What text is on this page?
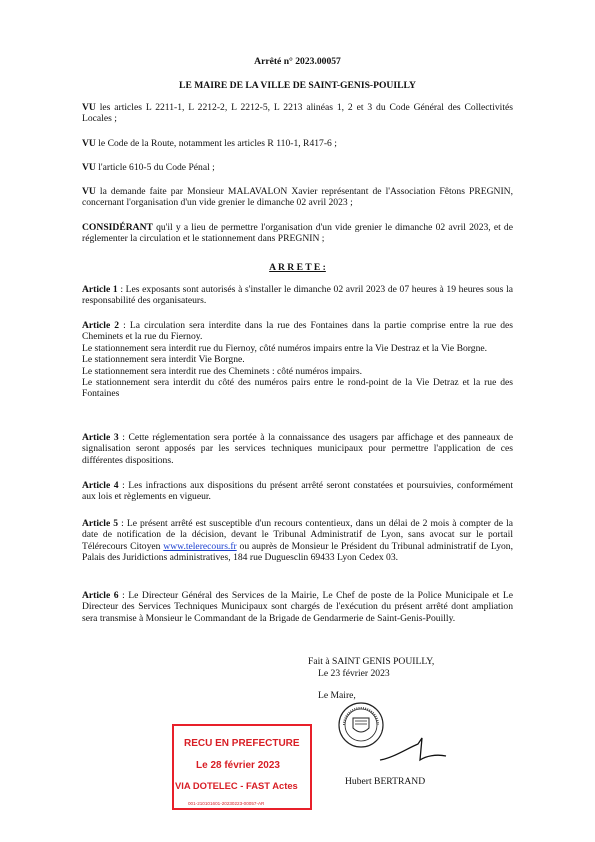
Arrêté n° 2023.00057
LE MAIRE DE LA VILLE DE SAINT-GENIS-POUILLY
VU les articles L 2211-1, L 2212-2, L 2212-5, L 2213 alinéas 1, 2 et 3 du Code Général des Collectivités Locales ;
VU le Code de la Route, notamment les articles R 110-1, R417-6 ;
VU l'article 610-5 du Code Pénal ;
VU la demande faite par Monsieur MALAVALON Xavier représentant de l'Association Fêtons PREGNIN, concernant l'organisation d'un vide grenier le dimanche 02 avril 2023 ;
CONSIDÉRANT qu'il y a lieu de permettre l'organisation d'un vide grenier le dimanche 02 avril 2023, et de réglementer la circulation et le stationnement dans PREGNIN ;
A R R E T E :
Article 1 : Les exposants sont autorisés à s'installer le dimanche 02 avril 2023 de 07 heures à 19 heures sous la responsabilité des organisateurs.
Article 2 : La circulation sera interdite dans la rue des Fontaines dans la partie comprise entre la rue des Cheminets et la rue du Fiernoy.
Le stationnement sera interdit rue du Fiernoy, côté numéros impairs entre la Vie Destraz et la Vie Borgne.
Le stationnement sera interdit Vie Borgne.
Le stationnement sera interdit rue des Cheminets : côté numéros impairs.
Le stationnement sera interdit du côté des numéros pairs entre le rond-point de la Vie Detraz et la rue des Fontaines
Article 3 : Cette réglementation sera portée à la connaissance des usagers par affichage et des panneaux de signalisation seront apposés par les services techniques municipaux pour permettre l'application de ces différentes dispositions.
Article 4 : Les infractions aux dispositions du présent arrêté seront constatées et poursuivies, conformément aux lois et règlements en vigueur.
Article 5 : Le présent arrêté est susceptible d'un recours contentieux, dans un délai de 2 mois à compter de la date de notification de la décision, devant le Tribunal Administratif de Lyon, sans avocat sur le portail Télérecours Citoyen www.telerecours.fr ou auprès de Monsieur le Président du Tribunal administratif de Lyon, Palais des Juridictions administratives, 184 rue Duguesclin 69433 Lyon Cedex 03.
Article 6 : Le Directeur Général des Services de la Mairie, Le Chef de poste de la Police Municipale et Le Directeur des Services Techniques Municipaux sont chargés de l'exécution du présent arrêté dont ampliation sera transmise à Monsieur le Commandant de la Brigade de Gendarmerie de Saint-Genis-Pouilly.
Fait à SAINT GENIS POUILLY,
Le 23 février 2023
Le Maire,
Hubert BERTRAND
RECU EN PREFECTURE
Le 28 février 2023
VIA DOTELEC - FAST Actes
001-210101601-20230223-00057-AR
